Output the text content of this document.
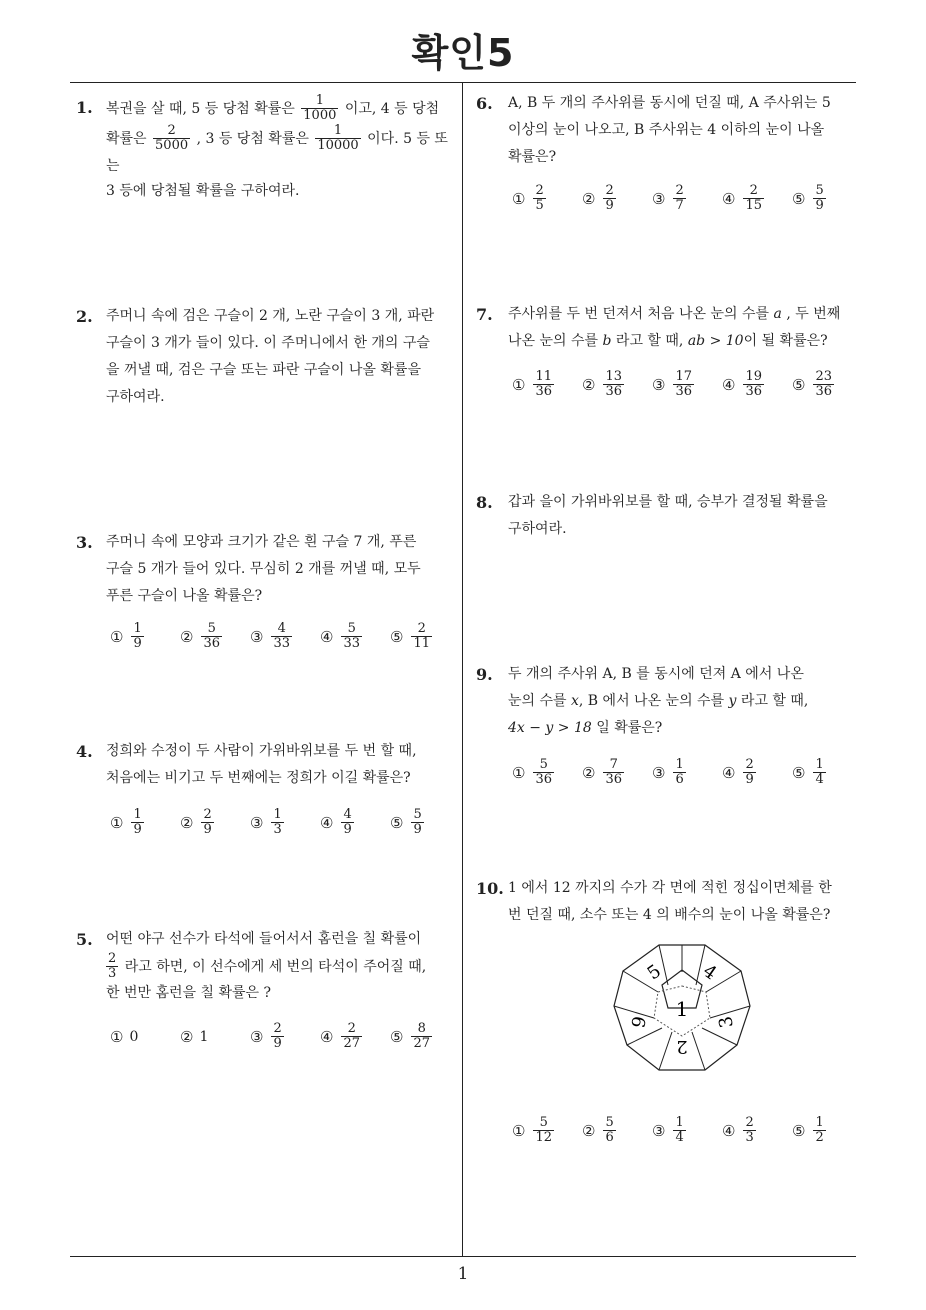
확인5
1. 복권을 살 때, 5 등 당첨 확률은 $\frac{1}{1000}$ 이고, 4 등 당첨
확률은 $\frac{2}{5000}$ , 3 등 당첨 확률은 $\frac{1}{10000}$ 이다. 5 등 또는
3 등에 당첨될 확률을 구하여라.
2. 주머니 속에 검은 구슬이 2 개, 노란 구슬이 3 개, 파란
구슬이 3 개가 들이 있다. 이 주머니에서 한 개의 구슬
을 꺼낼 때, 검은 구슬 또는 파란 구슬이 나올 확률을
구하여라.
3. 주머니 속에 모양과 크기가 같은 흰 구슬 7 개, 푸른
구슬 5 개가 들어 있다. 무심히 2 개를 꺼낼 때, 모두
푸른 구슬이 나올 확률은?
① $\frac{1}{9}$ ② $\frac{5}{36}$ ③ $\frac{4}{33}$ ④ $\frac{5}{33}$ ⑤ $\frac{2}{11}$
4. 정희와 수정이 두 사람이 가위바위보를 두 번 할 때,
처음에는 비기고 두 번째에는 정희가 이길 확률은?
① $\frac{1}{9}$ ② $\frac{2}{9}$ ③ $\frac{1}{3}$ ④ $\frac{4}{9}$ ⑤ $\frac{5}{9}$
5. 어떤 야구 선수가 타석에 들어서서 홈런을 칠 확률이
$\frac{2}{3}$ 라고 하면, 이 선수에게 세 번의 타석이 주어질 때,
한 번만 홈런을 칠 확률은 ?
① 0	② 1	③ $\frac{2}{9}$ ④ $\frac{2}{27}$ ⑤ $\frac{8}{27}$
6. A, B 두 개의 주사위를 동시에 던질 때, A 주사위는 5
이상의 눈이 나오고, B 주사위는 4 이하의 눈이 나올
확률은?
① $\frac{2}{5}$ ② $\frac{2}{9}$ ③ $\frac{2}{7}$ ④ $\frac{2}{15}$ ⑤ $\frac{5}{9}$
7. 주사위를 두 번 던져서 처음 나온 눈의 수를 a , 두 번째
나온 눈의 수를 b 라고 할 때, ab > 10이 될 확률은?
① $\frac{11}{36}$ ② $\frac{13}{36}$ ③ $\frac{17}{36}$ ④ $\frac{19}{36}$ ⑤ $\frac{23}{36}$
8. 갑과 을이 가위바위보를 할 때, 승부가 결정될 확률을
구하여라.
9. 두 개의 주사위 A, B 를 동시에 던져 A 에서 나온
눈의 수를 x, B 에서 나온 눈의 수를 y 라고 할 때,
4x − y > 18 일 확률은?
① $\frac{5}{36}$ ② $\frac{7}{36}$ ③ $\frac{1}{6}$ ④ $\frac{2}{9}$ ⑤ $\frac{1}{4}$
10. 1 에서 12 까지의 수가 각 면에 적힌 정십이면체를 한
번 던질 때, 소수 또는 4 의 배수의 눈이 나올 확률은?
1
5 4
6	3
2
① $\frac{5}{12}$ ② $\frac{5}{6}$ ③ $\frac{1}{4}$ ④ $\frac{2}{3}$ ⑤ $\frac{1}{2}$
1
